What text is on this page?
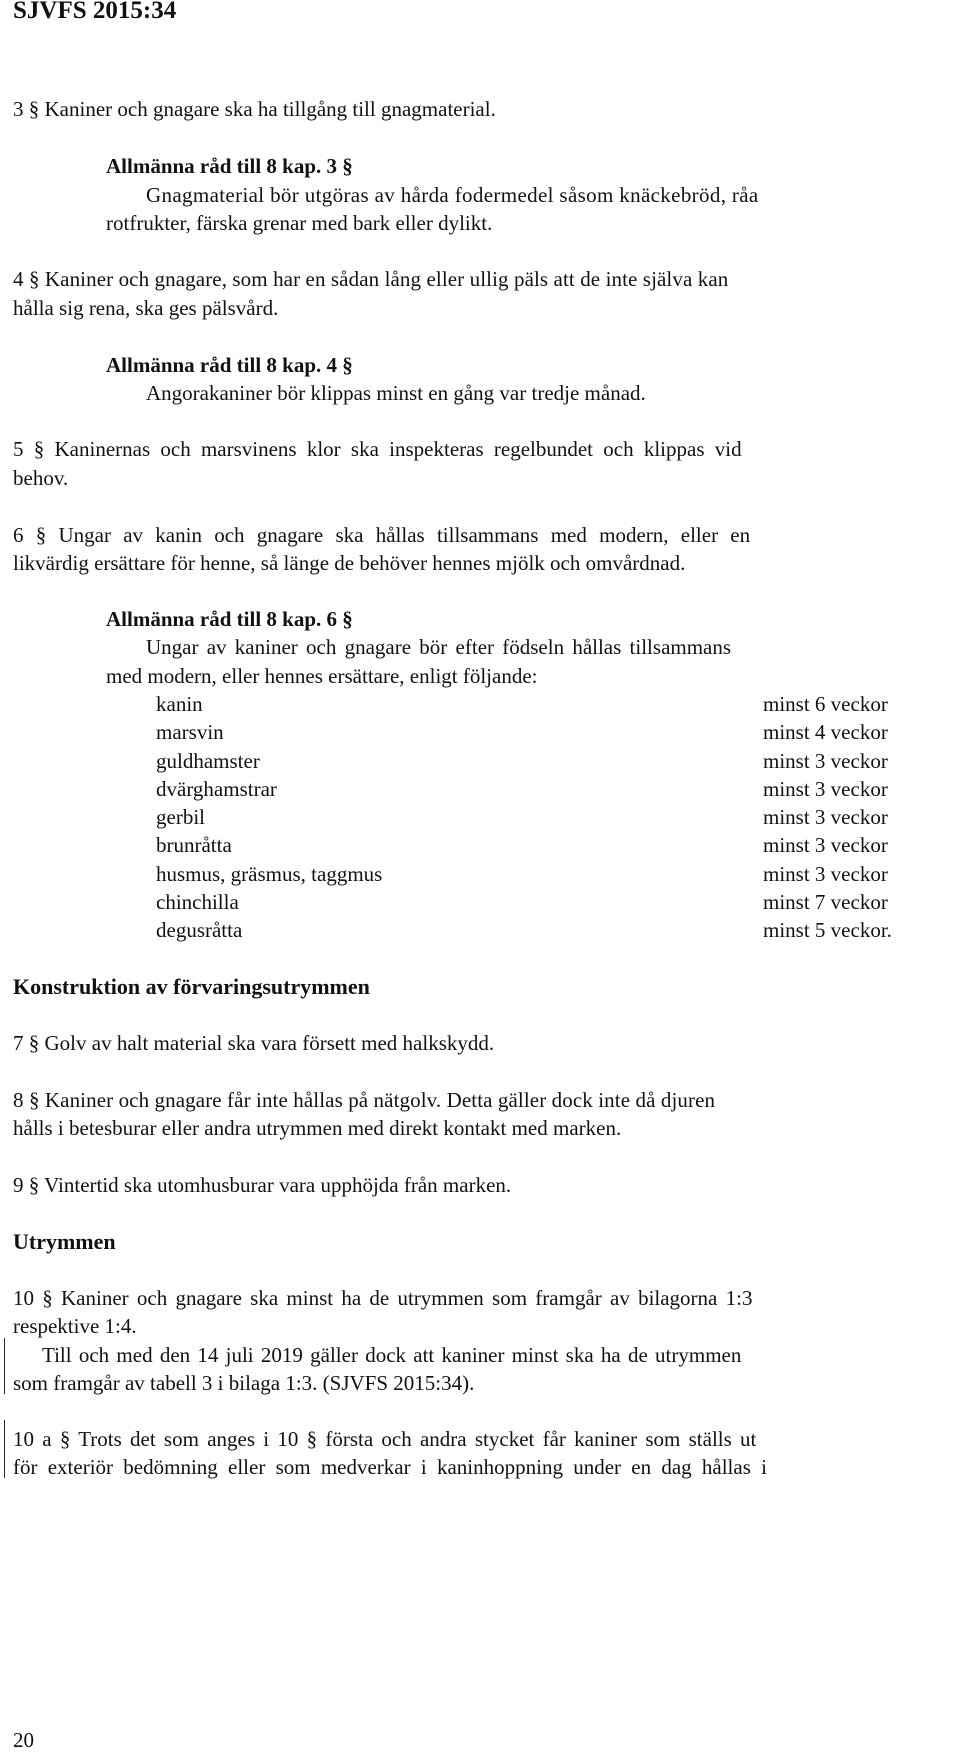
SJVFS 2015:34
3 § Kaniner och gnagare ska ha tillgång till gnagmaterial.
Allmänna råd till 8 kap. 3 §
Gnagmaterial bör utgöras av hårda fodermedel såsom knäckebröd, råa
rotfrukter, färska grenar med bark eller dylikt.
4 § Kaniner och gnagare, som har en sådan lång eller ullig päls att de inte själva kan
hålla sig rena, ska ges pälsvård.
Allmänna råd till 8 kap. 4 §
Angorakaniner bör klippas minst en gång var tredje månad.
5 § Kaninernas och marsvinens klor ska inspekteras regelbundet och klippas vid
behov.
6 § Ungar av kanin och gnagare ska hållas tillsammans med modern, eller en
likvärdig ersättare för henne, så länge de behöver hennes mjölk och omvårdnad.
Allmänna råd till 8 kap. 6 §
Ungar av kaniner och gnagare bör efter födseln hållas tillsammans
med modern, eller hennes ersättare, enligt följande:
kanin	minst 6 veckor
marsvin	minst 4 veckor
guldhamster	minst 3 veckor
dvärghamstrar	minst 3 veckor
gerbil	minst 3 veckor
brunråtta	minst 3 veckor
husmus, gräsmus, taggmus	minst 3 veckor
chinchilla	minst 7 veckor
degusråtta	minst 5 veckor.
Konstruktion av förvaringsutrymmen
7 § Golv av halt material ska vara försett med halkskydd.
8 § Kaniner och gnagare får inte hållas på nätgolv. Detta gäller dock inte då djuren
hålls i betesburar eller andra utrymmen med direkt kontakt med marken.
9 § Vintertid ska utomhusburar vara upphöjda från marken.
Utrymmen
10 § Kaniner och gnagare ska minst ha de utrymmen som framgår av bilagorna 1:3
respektive 1:4.
Till och med den 14 juli 2019 gäller dock att kaniner minst ska ha de utrymmen
som framgår av tabell 3 i bilaga 1:3. (SJVFS 2015:34).
10 a § Trots det som anges i 10 § första och andra stycket får kaniner som ställs ut
för exteriör bedömning eller som medverkar i kaninhoppning under en dag hållas i
20
